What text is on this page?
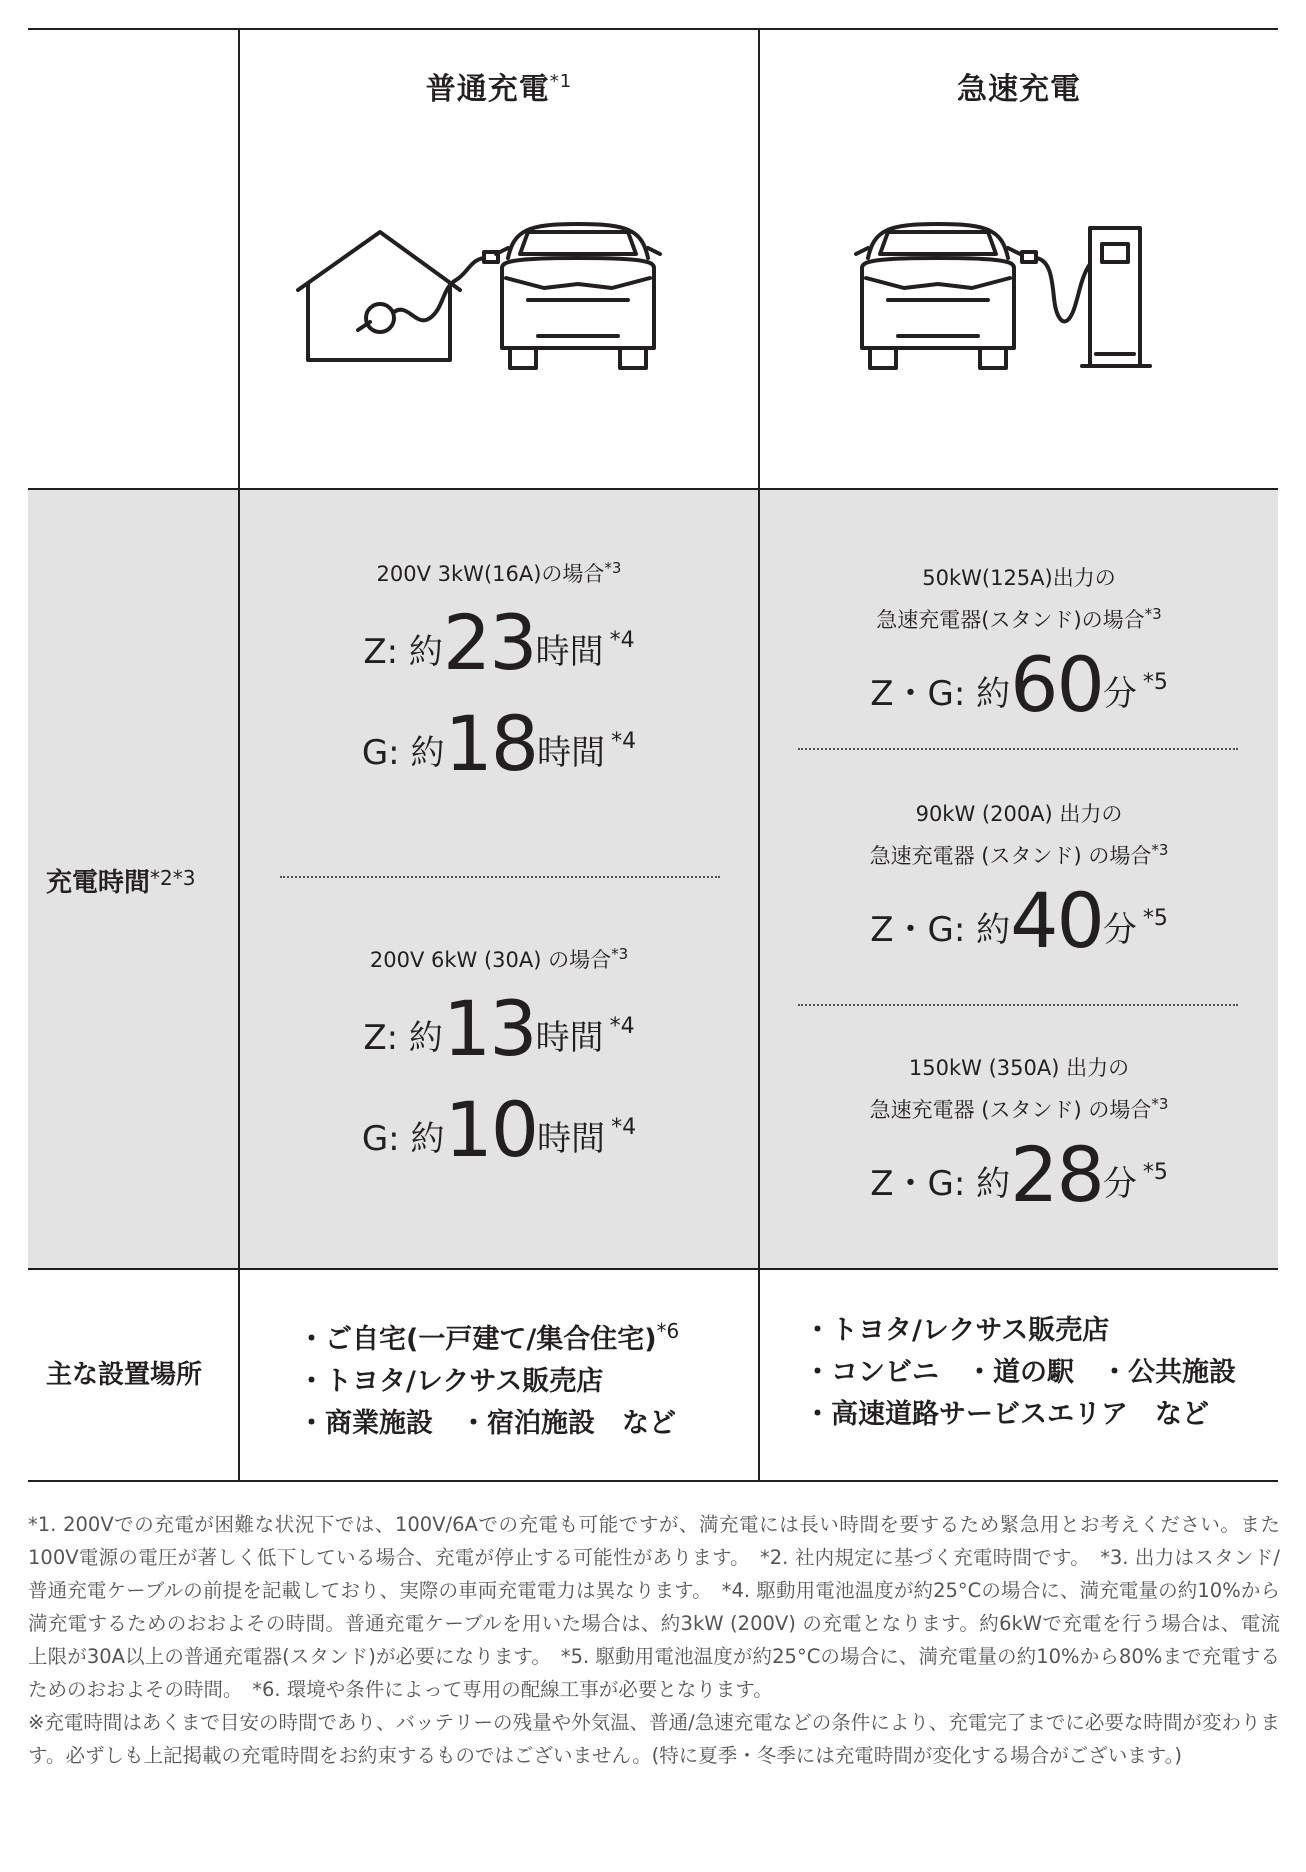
普通充電$^{*1}$	急速充電
充電時間$^{*2*3}$
主な設置場所
200V 3kW(16A)の場合$^{*3}$
Z: 約23時間 $^{*4}$
G: 約18時間 $^{*4}$
200V 6kW (30A) の場合$^{*3}$
Z: 約13時間 $^{*4}$
G: 約10時間 $^{*4}$
50kW(125A)出力の
急速充電器(スタンド)の場合$^{*3}$
Z・G: 約60分 $^{*5}$
90kW (200A) 出力の
急速充電器 (スタンド) の場合$^{*3}$
Z・G: 約40分 $^{*5}$
150kW (350A) 出力の
急速充電器 (スタンド) の場合$^{*3}$
Z・G: 約28分 $^{*5}$
・ご自宅(一戸建て/集合住宅)$^{*6}$
・トヨタ/レクサス販売店
・商業施設　・宿泊施設　など
・トヨタ/レクサス販売店
・コンビニ　・道の駅　・公共施設
・高速道路サービスエリア　など

*1. 200Vでの充電が困難な状況下では、100V/6Aでの充電も可能ですが、満充電には長い時間を要するため緊急用とお考えください。また100V電源の電圧が著しく低下している場合、充電が停止する可能性があります。　*2. 社内規定に基づく充電時間です。　*3. 出力はスタンド/普通充電ケーブルの前提を記載しており、実際の車両充電電力は異なります。　*4. 駆動用電池温度が約25°Cの場合に、満充電量の約10%から満充電するためのおおよその時間。普通充電ケーブルを用いた場合は、約3kW (200V) の充電となります。約6kWで充電を行う場合は、電流上限が30A以上の普通充電器(スタンド)が必要になります。　*5. 駆動用電池温度が約25°Cの場合に、満充電量の約10%から80%まで充電するためのおおよその時間。　*6. 環境や条件によって専用の配線工事が必要となります。

※充電時間はあくまで目安の時間であり、バッテリーの残量や外気温、普通/急速充電などの条件により、充電完了までに必要な時間が変わります。必ずしも上記掲載の充電時間をお約束するものではございません。(特に夏季・冬季には充電時間が変化する場合がございます。)
